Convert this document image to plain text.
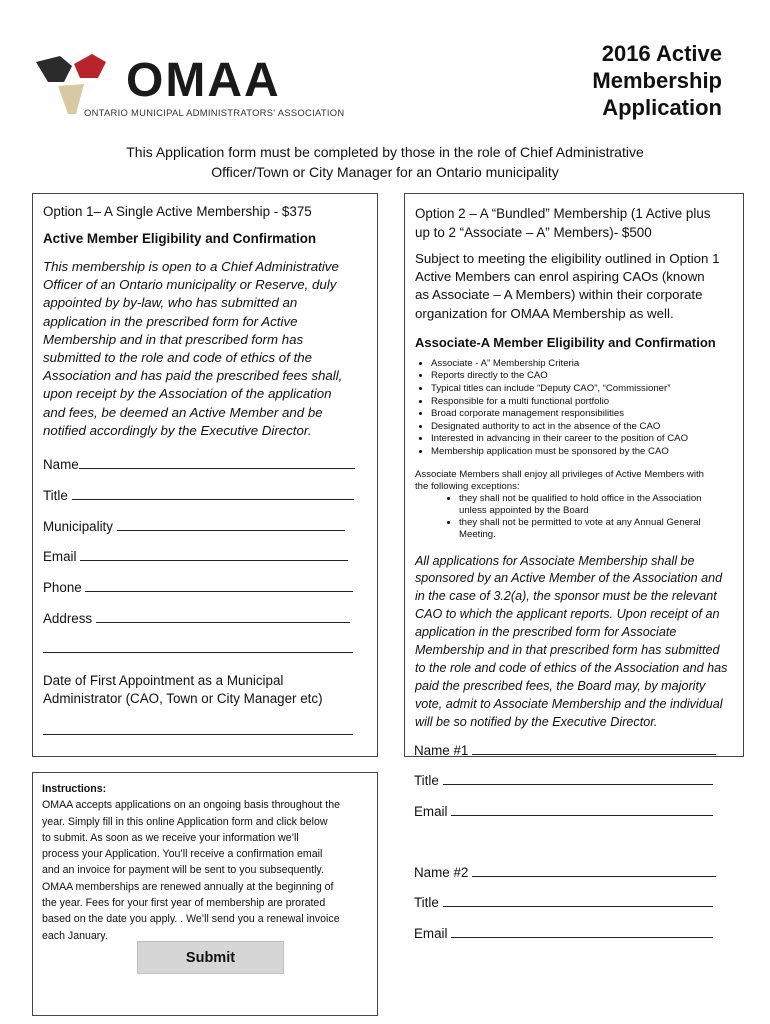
OMAA
ONTARIO MUNICIPAL ADMINISTRATORS' ASSOCIATION
2016 Active
Membership
Application
This Application form must be completed by those in the role of Chief Administrative
Officer/Town or City Manager for an Ontario municipality

Option 1– A Single Active Membership - $375

Active Member Eligibility and Confirmation

This membership is open to a Chief Administrative
Officer of an Ontario municipality or Reserve, duly
appointed by by-law, who has submitted an
application in the prescribed form for Active
Membership and in that prescribed form has
submitted to the role and code of ethics of the
Association and has paid the prescribed fees shall,
upon receipt by the Association of the application
and fees, be deemed an Active Member and be
notified accordingly by the Executive Director.
Name
Title
Municipality
Email
Phone
Address
Date of First Appointment as a Municipal
Administrator (CAO, Town or City Manager etc)

Instructions:

OMAA accepts applications on an ongoing basis throughout the
year. Simply fill in this online Application form and click below
to submit. As soon as we receive your information we’ll
process your Application. You’ll receive a confirmation email
and an invoice for payment will be sent to you subsequently.
OMAA memberships are renewed annually at the beginning of
the year. Fees for your first year of membership are prorated
based on the date you apply. . We’ll send you a renewal invoice
each January.
Submit
Option 2 – A “Bundled” Membership (1 Active plus
up to 2 “Associate – A” Members)- $500
Subject to meeting the eligibility outlined in Option 1
Active Members can enrol aspiring CAOs (known
as Associate – A Members) within their corporate
organization for OMAA Membership as well.

Associate-A Member Eligibility and Confirmation

• Associate - A” Membership Criteria
• Reports directly to the CAO
• Typical titles can include “Deputy CAO”, “Commissioner”
• Responsible for a multi functional portfolio
• Broad corporate management responsibilities
• Designated authority to act in the absence of the CAO
• Interested in advancing in their career to the position of CAO
• Membership application must be sponsored by the CAO
Associate Members shall enjoy all privileges of Active Members with
the following exceptions:
• they shall not be qualified to hold office in the Association
unless appointed by the Board
• they shall not be permitted to vote at any Annual General
Meeting.
All applications for Associate Membership shall be
sponsored by an Active Member of the Association and
in the case of 3.2(a), the sponsor must be the relevant
CAO to which the applicant reports. Upon receipt of an
application in the prescribed form for Associate
Membership and in that prescribed form has submitted
to the role and code of ethics of the Association and has
paid the prescribed fees, the Board may, by majority
vote, admit to Associate Membership and the individual
will be so notified by the Executive Director.
Name #1
Title
Email
Name #2
Title
Email
